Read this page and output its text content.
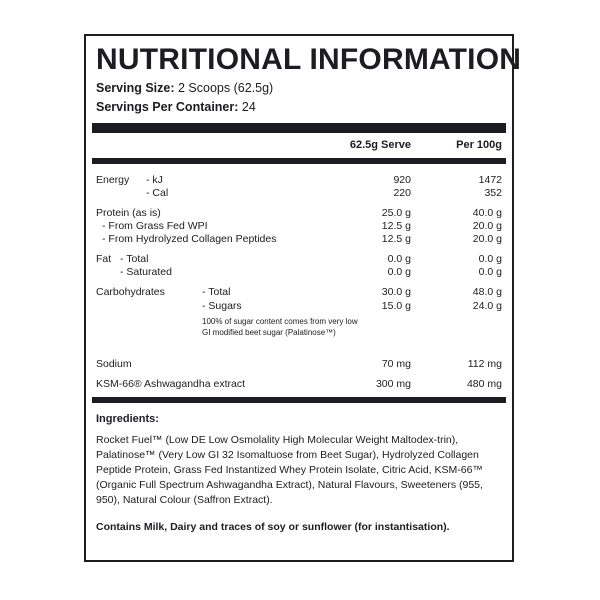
NUTRITIONAL INFORMATION
Serving Size: 2 Scoops (62.5g)
Servings Per Container: 24
62.5g Serve	Per 100g
Energy - kJ	920	1472
- Cal	220	352
Protein (as is)	25.0 g	40.0 g
- From Grass Fed WPI	12.5 g	20.0 g
- From Hydrolyzed Collagen Peptides	12.5 g	20.0 g
Fat - Total	0.0 g	0.0 g
- Saturated	0.0 g	0.0 g
Carbohydrates	- Total	30.0 g	48.0 g
- Sugars	15.0 g	24.0 g
100% of sugar content comes from very low GI modified beet sugar (Palatinose™)
Sodium	70 mg	112 mg
KSM-66® Ashwagandha extract	300 mg	480 mg
Ingredients:
Rocket Fuel™ (Low DE Low Osmolality High Molecular Weight Maltodex-trin), Palatinose™ (Very Low GI 32 Isomaltuose from Beet Sugar), Hydrolyzed Collagen Peptide Protein, Grass Fed Instantized Whey Protein Isolate, Citric Acid, KSM-66™ (Organic Full Spectrum Ashwagandha Extract), Natural Flavours, Sweeteners (955, 950), Natural Colour (Saffron Extract).
Contains Milk, Dairy and traces of soy or sunflower (for instantisation).
